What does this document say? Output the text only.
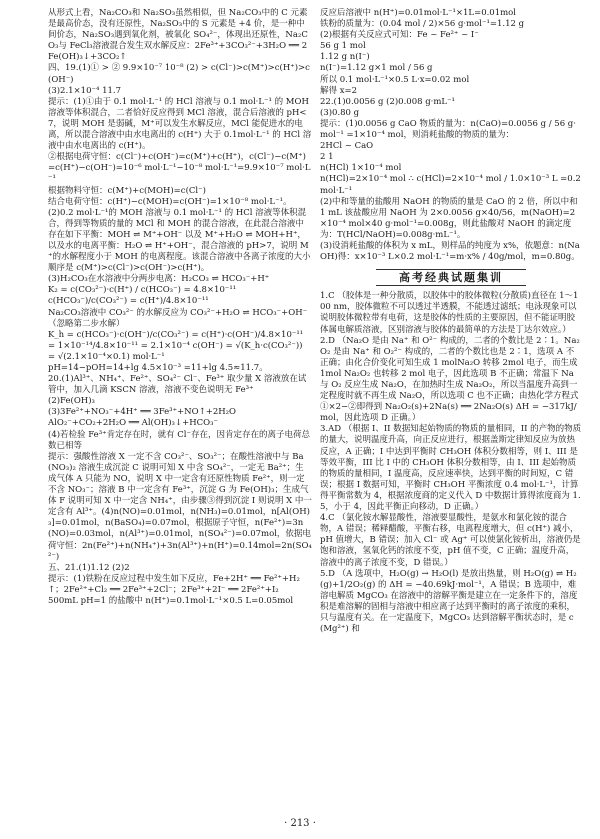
从形式上看，Na₂CO₃和 Na₂SO₃虽然相似，但 Na₂CO₃中的 C 元素是最高价态，没有还原性，Na₂SO₃中的 S 元素是 +4 价，是一种中间价态，Na₂SO₃遇到氧化剂，被氧化 SO₄²⁻，体现出还原性，Na₂CO₃与 FeCl₃溶液混合发生双水解反应：2Fe³⁺+3CO₃²⁻+3H₂O ══ 2Fe(OH)₃↓+3CO₂↑

四、19.(1)① > ② 9.9×10⁻⁷ 10⁻⁸ (2) > c(Cl⁻)>c(M⁺)>c(H⁺)>c(OH⁻)

(3)2.1×10⁻⁴ 11.7

提示：(1)①由于 0.1 mol·L⁻¹ 的 HCl 溶液与 0.1 mol·L⁻¹ 的 MOH 溶液等体积混合，二者恰好反应得到 MCl 溶液，混合后溶液的 pH<7，说明 MOH 是弱碱，M⁺可以发生水解反应，MCl 能促进水的电离，所以混合溶液中由水电离出的 c(H⁺) 大于 0.1mol·L⁻¹ 的 HCl 溶液中由水电离出的 c(H⁺)。

②根据电荷守恒：c(Cl⁻)+c(OH⁻)=c(M⁺)+c(H⁺)，c(Cl⁻)−c(M⁺)=c(H⁺)−c(OH⁻)=10⁻⁶ mol·L⁻¹−10⁻⁸ mol·L⁻¹=9.9×10⁻⁷ mol·L⁻¹

根据物料守恒：c(M⁺)+c(MOH)=c(Cl⁻)

结合电荷守恒：c(H⁺)−c(MOH)=c(OH⁻)=1×10⁻⁸ mol·L⁻¹。

(2)0.2 mol·L⁻¹的 MOH 溶液与 0.1 mol·L⁻¹ 的 HCl 溶液等体积混合，得到等物质的量的 MCl 和 MOH 的混合溶液，在此混合溶液中存在如下平衡：MOH ⇌ M⁺+OH⁻ 以及 M⁺+H₂O ⇌ MOH+H⁺，以及水的电离平衡：H₂O ⇌ H⁺+OH⁻，混合溶液的 pH>7，说明 M⁺的水解程度小于 MOH 的电离程度。该混合溶液中各离子浓度的大小顺序是 c(M⁺)>c(Cl⁻)>c(OH⁻)>c(H⁺)。

(3)H₂CO₃在水溶液中分两步电离：H₂CO₃ ⇌ HCO₃⁻+H⁺

K₂ = c(CO₃²⁻)·c(H⁺) / c(HCO₃⁻) = 4.8×10⁻¹¹

c(HCO₃⁻)/c(CO₃²⁻) = c(H⁺)/4.8×10⁻¹¹

Na₂CO₃溶液中 CO₃²⁻ 的水解反应为 CO₃²⁻+H₂O ⇌ HCO₃⁻+OH⁻（忽略第二步水解）

K_h = c(HCO₃⁻)·c(OH⁻)/c(CO₃²⁻) = c(H⁺)·c(OH⁻)/4.8×10⁻¹¹ = 1×10⁻¹⁴/4.8×10⁻¹¹ = 2.1×10⁻⁴ c(OH⁻) = √(K_h·c(CO₃²⁻)) = √(2.1×10⁻⁴×0.1) mol·L⁻¹

pH=14−pOH=14+lg 4.5×10⁻³ =11+lg 4.5≈11.7。

20.(1)Al³⁺、NH₄⁺、Fe²⁺、SO₄²⁻ Cl⁻、Fe³⁺ 取少量 X 溶液放在试管中，加入几滴 KSCN 溶液，溶液不变色说明无 Fe³⁺

(2)Fe(OH)₃

(3)3Fe²⁺+NO₃⁻+4H⁺ ══ 3Fe³⁺+NO↑+2H₂O

AlO₂⁻+CO₂+2H₂O ══ Al(OH)₃↓+HCO₃⁻

(4)若检验 Fe³⁺肯定存在时，就有 Cl⁻存在，因肯定存在的离子电荷总数已相等

提示：强酸性溶液 X 一定不含 CO₃²⁻、SO₃²⁻；在酸性溶液中与 Ba(NO₃)₂ 溶液生成沉淀 C 说明可知 X 中含 SO₄²⁻，一定无 Ba²⁺；生成气体 A 只能为 NO，说明 X 中一定含有还原性物质 Fe²⁺，则一定不含 NO₃⁻；溶液 B 中一定含有 Fe³⁺，沉淀 G 为 Fe(OH)₃；生成气体 F 说明可知 X 中一定含 NH₄⁺，由步骤③得到沉淀 I 则说明 X 中一定含有 Al³⁺。(4)n(NO)=0.01mol，n(NH₃)=0.01mol，n[Al(OH)₃]=0.01mol，n(BaSO₄)=0.07mol，根据原子守恒，n(Fe²⁺)=3n(NO)=0.03mol，n(Al³⁺)=0.01mol，n(SO₄²⁻)=0.07mol，依据电荷守恒：2n(Fe²⁺)+n(NH₄⁺)+3n(Al³⁺)+n(H⁺)=0.14mol=2n(SO₄²⁻)

五、21.(1)1.12 (2)2

提示：(1)铁粉在反应过程中发生如下反应，Fe+2H⁺ ══ Fe²⁺+H₂↑；2Fe²⁺+Cl₂ ══ 2Fe³⁺+2Cl⁻；2Fe³⁺+2I⁻ ══ 2Fe²⁺+I₂

500mL pH=1 的盐酸中 n(H⁺)=0.1mol·L⁻¹×0.5 L=0.05mol

反应后溶液中 n(H⁺)=0.01mol·L⁻¹×1L=0.01mol

铁粉的质量为：(0.04 mol / 2)×56 g·mol⁻¹=1.12 g

(2)根据有关反应式可知：Fe ~ Fe²⁺ ~ I⁻

56 g 1 mol

1.12 g n(I⁻)

n(I⁻)=1.12 g×1 mol / 56 g

所以 0.1 mol·L⁻¹×0.5 L·x=0.02 mol

解得 x=2

22.(1)0.0056 g (2)0.008 g·mL⁻¹

(3)0.80 g

提示：(1)0.0056 g CaO 物质的量为：n(CaO)=0.0056 g / 56 g·mol⁻¹ =1×10⁻⁴ mol，则消耗盐酸的物质的量为：

2HCl ~ CaO

2 1

n(HCl) 1×10⁻⁴ mol

n(HCl)=2×10⁻⁴ mol ∴ c(HCl)=2×10⁻⁴ mol / 1.0×10⁻³ L =0.2mol·L⁻¹

(2)中和等量的盐酸用 NaOH 的物质的量是 CaO 的 2 倍，所以中和 1 mL 该盐酸应用 NaOH 为 2×0.0056 g×40/56，m(NaOH)=2×10⁻⁴ mol×40 g·mol⁻¹=0.008g，则此盐酸对 NaOH 的滴定度为：T(HCl/NaOH)=0.008g·mL⁻¹。

(3)设消耗盐酸的体积为 x mL，则样品的纯度为 x%，依题意：n(NaOH)得：x×10⁻³ L×0.2 mol·L⁻¹=m·x% / 40g/mol，m=0.80g。

高考经典试题集训

1.C （胶体是一种分散质，以胶体中的胶体微粒(分散质)直径在 1～100 nm，胶体微粒不可以透过半透膜，不能透过滤纸；电泳现象可以说明胶体微粒带有电荷，这是胶体的性质的主要原因，但不能证明胶体属电解质溶液，区别溶液与胶体的最简单的方法是丁达尔效应。）

2.D （Na₂O 是由 Na⁺ 和 O²⁻ 构成的，二者的个数比是 2∶1。Na₂O₂ 是由 Na⁺ 和 O₂²⁻ 构成的，二者的个数比也是 2∶1，选项 A 不正确；由化合价变化可知生成 1 molNa₂O 转移 2mol 电子，而生成 1mol Na₂O₂ 也转移 2 mol 电子，因此选项 B 不正确；常温下 Na 与 O₂ 反应生成 Na₂O，在加热时生成 Na₂O₂，所以当温度升高到一定程度时就不再生成 Na₂O，所以选项 C 也不正确；由热化学方程式①×2−②即得到 Na₂O₂(s)+2Na(s) ══ 2Na₂O(s) ΔH = −317kJ/mol，因此选项 D 正确。）

3.AD （根据 I、II 数据知起始物质的物质的量相同，II 的产物的物质的量大，说明温度升高，向正反应进行，根据盖斯定律知反应为放热反应，A 正确；I 中达到平衡时 CH₃OH 体积分数相等，则 I、III 是等效平衡，III 比 I 中的 CH₃OH 体积分数相等，由 I、III 起始物质的物质的量相同，I 温度高，反应速率快，达到平衡的时间短，C 错误；根据 I 数据可知，平衡时 CH₃OH 平衡浓度 0.4 mol·L⁻¹，计算得平衡常数为 4，根据浓度商的定义代入 D 中数据计算得浓度商为 1.5，小于 4，因此平衡正向移动，D 正确。）

4.C （氯化铵水解显酸性，溶液要显酸性，是氨水和氯化铵的混合物，A 错误；稀释醋酸，平衡右移，电离程度增大，但 c(H⁺) 减小，pH 值增大，B 错误；加入 Cl⁻ 或 Ag⁺ 可以使氯化铵析出，溶液仍是饱和溶液，氢氧化钙的浓度不变，pH 值不变，C 正确；温度升高，溶液中的离子浓度不变，D 错误。）

5.D （A 选项中，H₂O(g) → H₂O(l) 是放出热量，则 H₂O(g) ⇌ H₂(g)+1/2O₂(g) 的 ΔH = −40.69kJ·mol⁻¹，A 错误；B 选项中，难溶电解质 MgCO₃ 在溶液中的溶解平衡是建立在一定条件下的，溶度积是难溶解的固相与溶液中相应离子达到平衡时的离子浓度的乘积，只与温度有关。在一定温度下，MgCO₃ 达到溶解平衡状态时，是 c(Mg²⁺) 和

· 213 ·
